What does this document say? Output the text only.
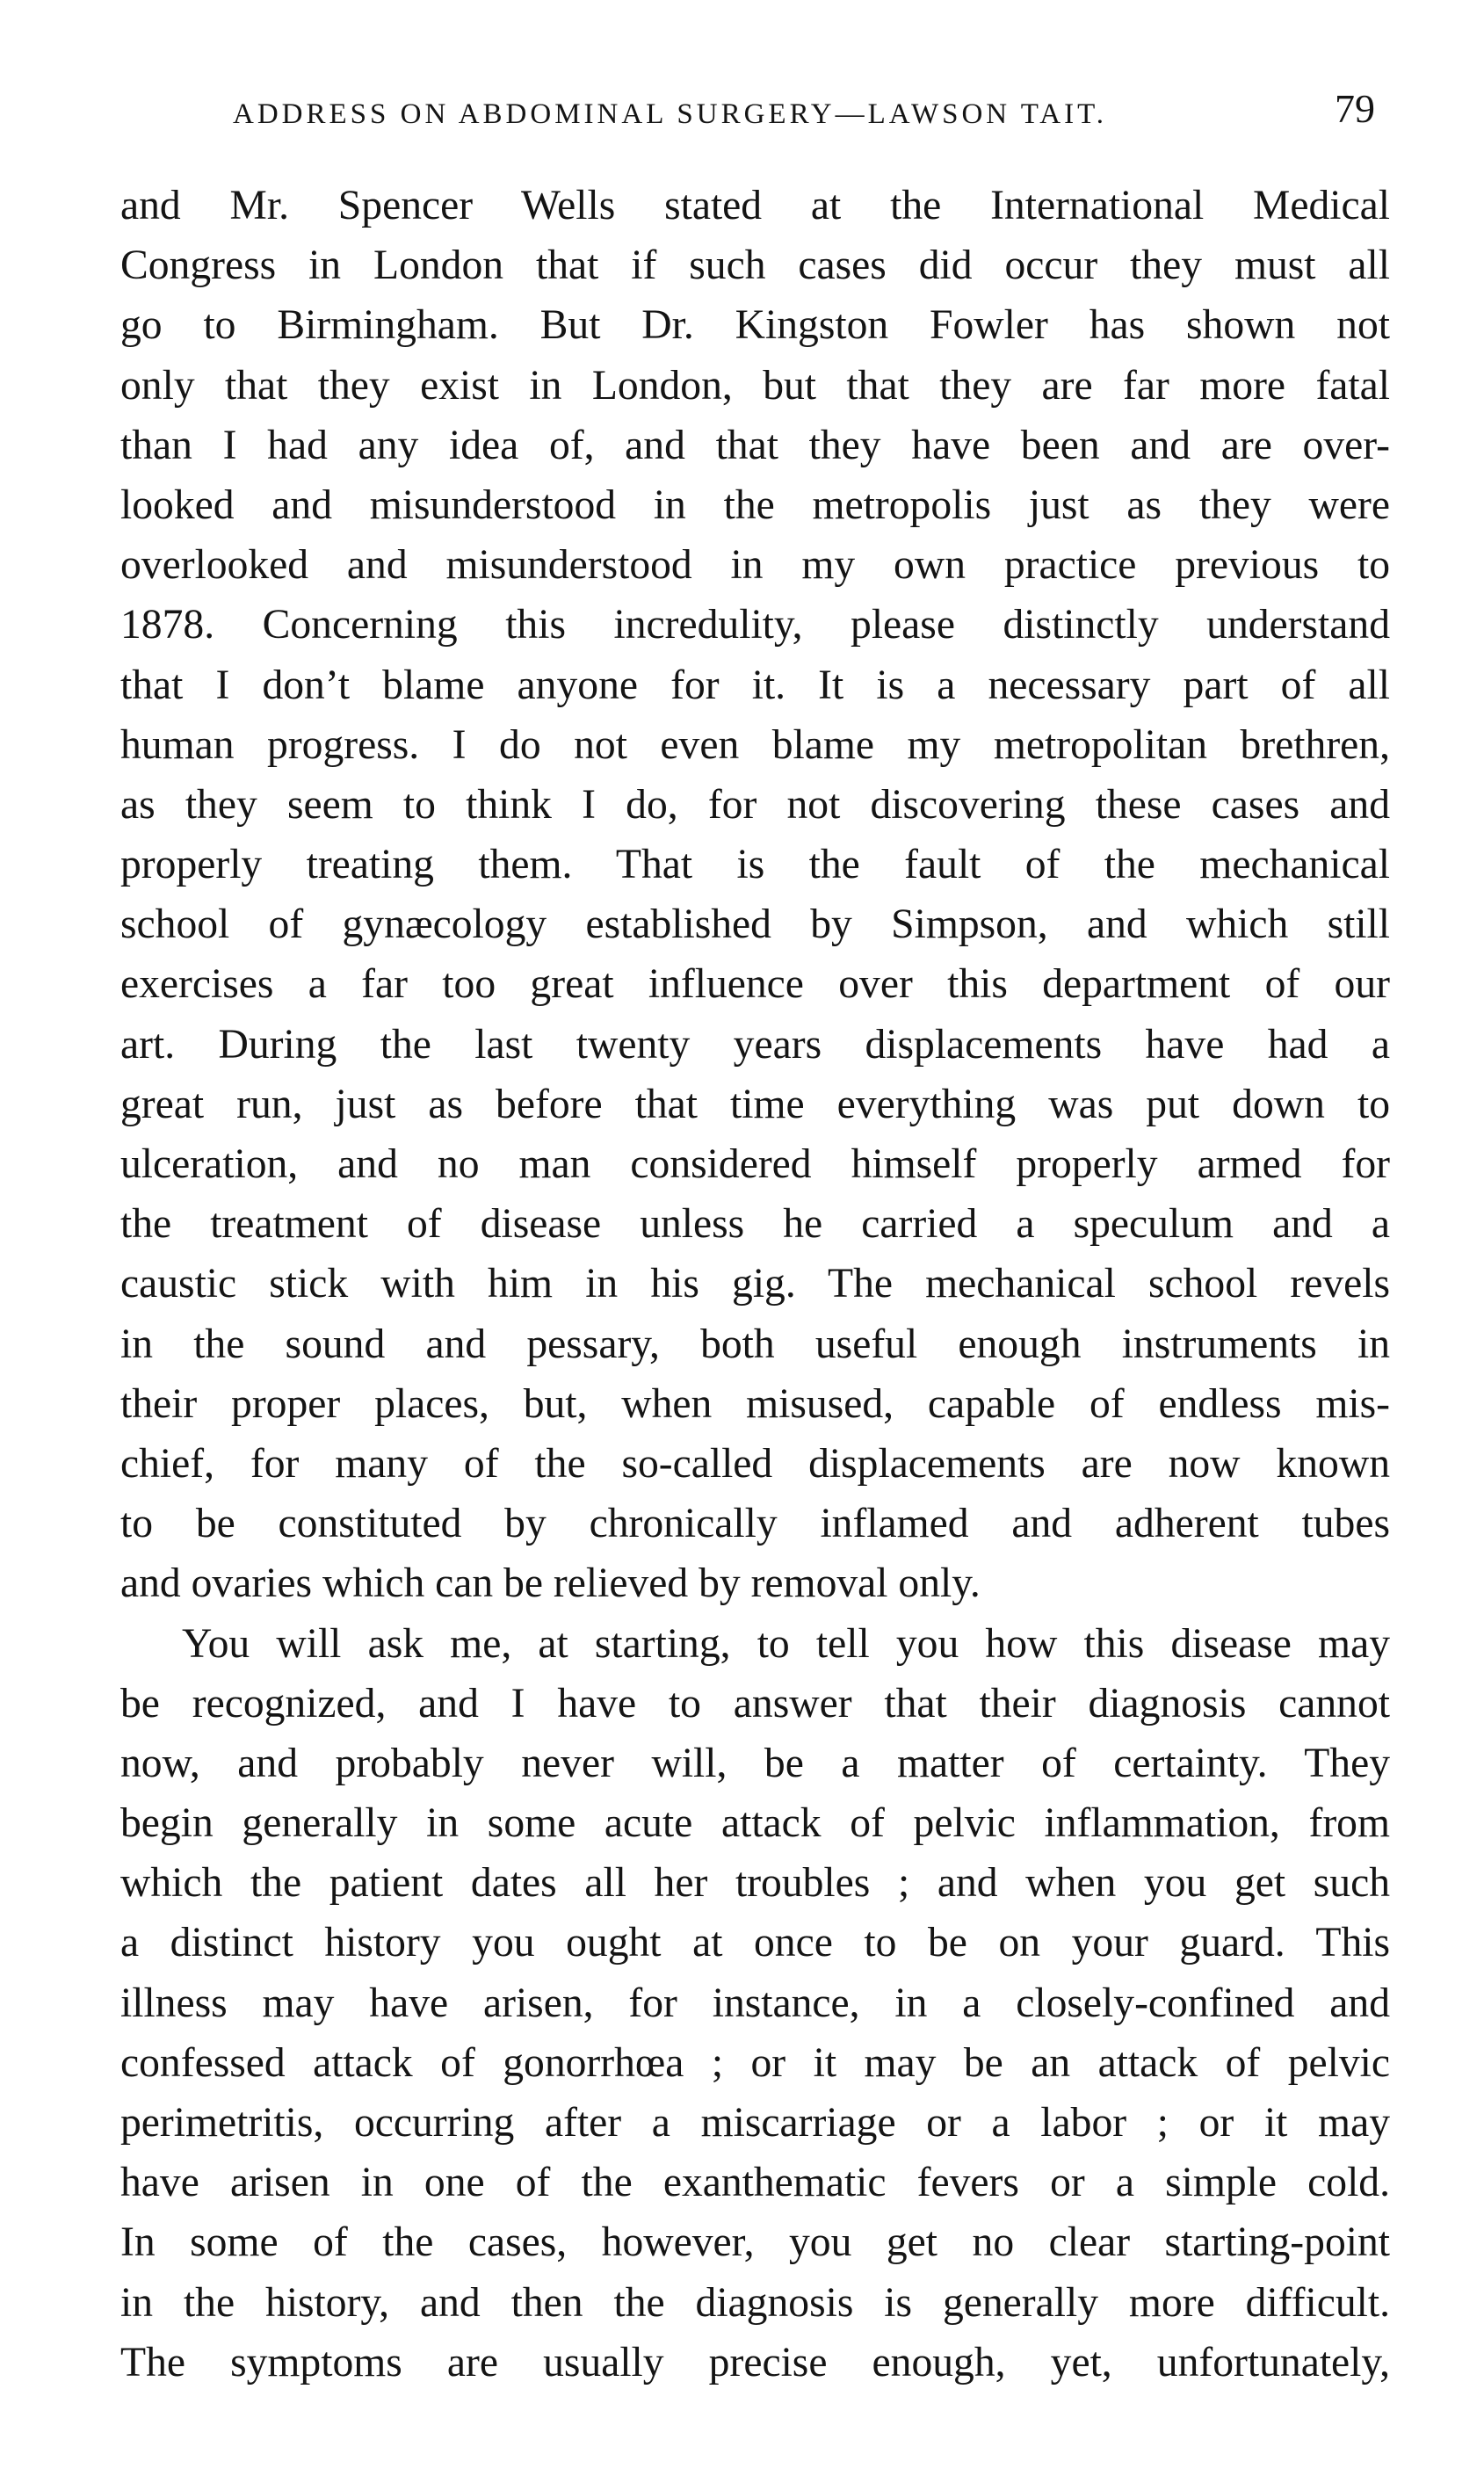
ADDRESS ON ABDOMINAL SURGERY—LAWSON TAIT.	79
and Mr. Spencer Wells stated at the International Medical
Congress in London that if such cases did occur they must all
go to Birmingham. But Dr. Kingston Fowler has shown not
only that they exist in London, but that they are far more fatal
than I had any idea of, and that they have been and are over-
looked and misunderstood in the metropolis just as they were
overlooked and misunderstood in my own practice previous to
1878. Concerning this incredulity, please distinctly understand
that I don’t blame anyone for it. It is a necessary part of all
human progress. I do not even blame my metropolitan brethren,
as they seem to think I do, for not discovering these cases and
properly treating them. That is the fault of the mechanical
school of gynæcology established by Simpson, and which still
exercises a far too great influence over this department of our
art. During the last twenty years displacements have had a
great run, just as before that time everything was put down to
ulceration, and no man considered himself properly armed for
the treatment of disease unless he carried a speculum and a
caustic stick with him in his gig. The mechanical school revels
in the sound and pessary, both useful enough instruments in
their proper places, but, when misused, capable of endless mis-
chief, for many of the so-called displacements are now known
to be constituted by chronically inflamed and adherent tubes
and ovaries which can be relieved by removal only.
You will ask me, at starting, to tell you how this disease may
be recognized, and I have to answer that their diagnosis cannot
now, and probably never will, be a matter of certainty. They
begin generally in some acute attack of pelvic inflammation, from
which the patient dates all her troubles ; and when you get such
a distinct history you ought at once to be on your guard. This
illness may have arisen, for instance, in a closely-confined and
confessed attack of gonorrhœa ; or it may be an attack of pelvic
perimetritis, occurring after a miscarriage or a labor ; or it may
have arisen in one of the exanthematic fevers or a simple cold.
In some of the cases, however, you get no clear starting-point
in the history, and then the diagnosis is generally more difficult.
The symptoms are usually precise enough, yet, unfortunately,
